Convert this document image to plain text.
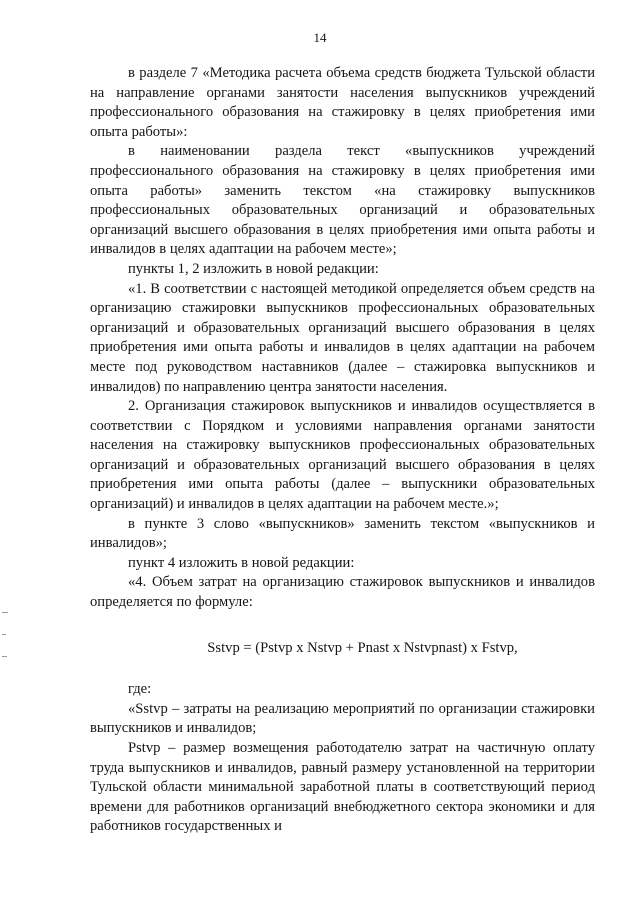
14

в разделе 7 «Методика расчета объема средств бюджета Тульской области на направление органами занятости населения выпускников учреждений профессионального образования на стажировку в целях приобретения ими опыта работы»:

в наименовании раздела текст «выпускников учреждений профессионального образования на стажировку в целях приобретения ими опыта работы» заменить текстом «на стажировку выпускников профессиональных образовательных организаций и образовательных организаций высшего образования в целях приобретения ими опыта работы и инвалидов в целях адаптации на рабочем месте»;

пункты 1, 2 изложить в новой редакции:

«1. В соответствии с настоящей методикой определяется объем средств на организацию стажировки выпускников профессиональных образовательных организаций и образовательных организаций высшего образования в целях приобретения ими опыта работы и инвалидов в целях адаптации на рабочем месте под руководством наставников (далее – стажировка выпускников и инвалидов) по направлению центра занятости населения.

2. Организация стажировок выпускников и инвалидов осуществляется в соответствии с Порядком и условиями направления органами занятости населения на стажировку выпускников профессиональных образовательных организаций и образовательных организаций высшего образования в целях приобретения ими опыта работы (далее – выпускники образовательных организаций) и инвалидов в целях адаптации на рабочем месте.»;

в пункте 3 слово «выпускников» заменить текстом «выпускников и инвалидов»;

пункт 4 изложить в новой редакции:

«4. Объем затрат на организацию стажировок выпускников и инвалидов определяется по формуле:

Sstvp = (Pstvp x Nstvp + Pnast x Nstvpnast) x Fstvp,

где:

«Sstvp – затраты на реализацию мероприятий по организации стажировки выпускников и инвалидов;

Pstvp – размер возмещения работодателю затрат на частичную оплату труда выпускников и инвалидов, равный размеру установленной на территории Тульской области минимальной заработной платы в соответствующий период времени для работников организаций внебюджетного сектора экономики и для работников государственных и
